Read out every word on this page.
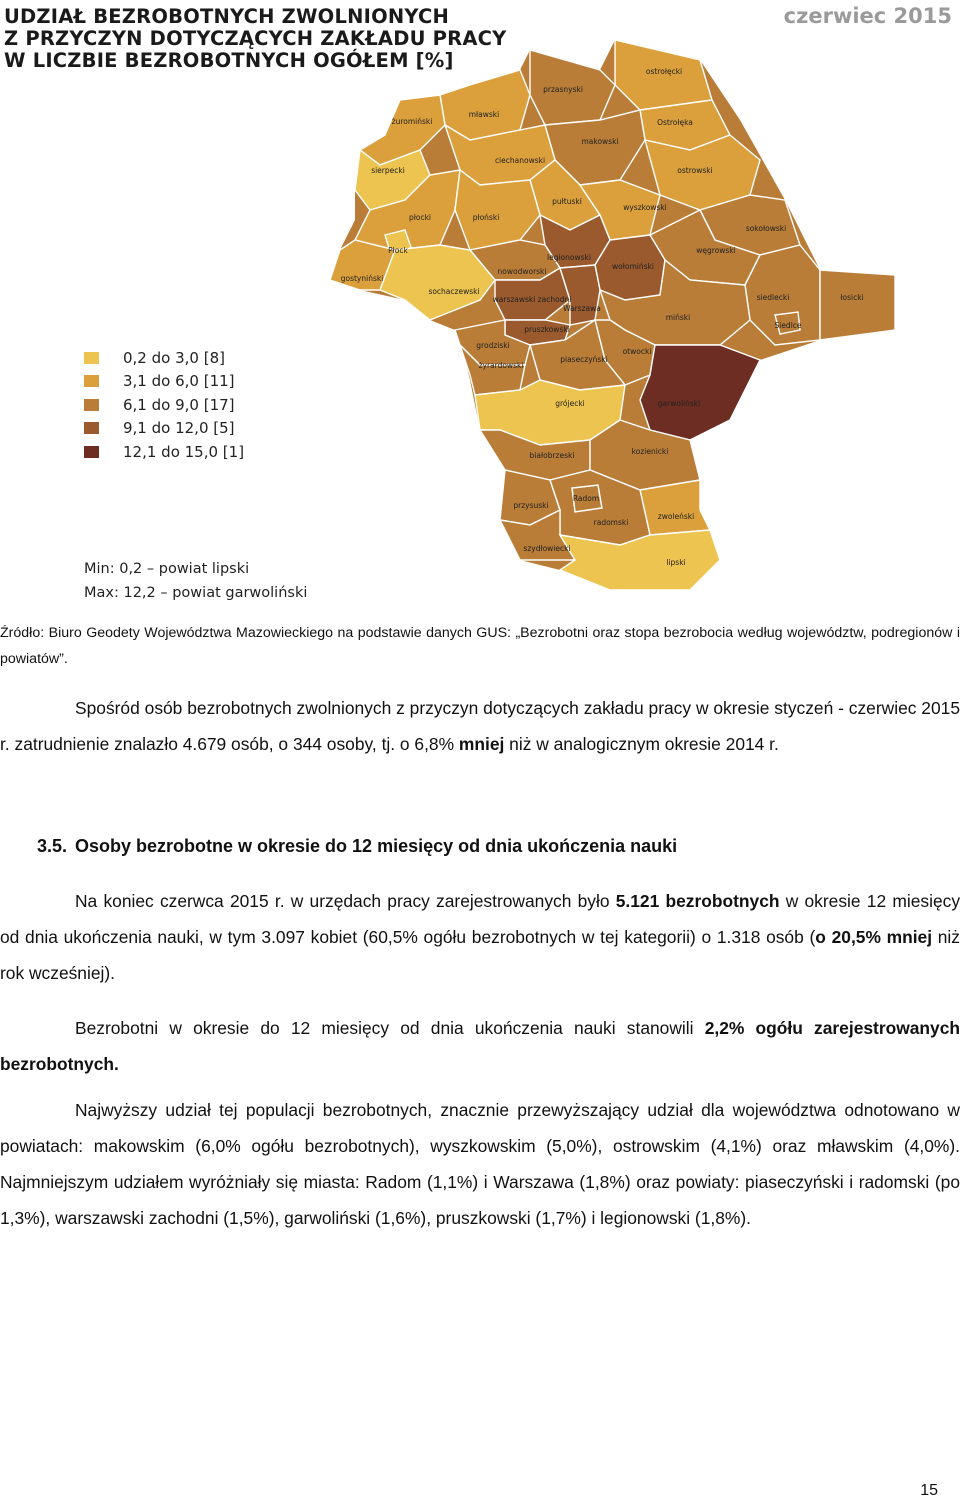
ostrołęcki
Ostrołęka
przasnyski
mławski
żuromiński
makowski
ciechanowski
ostrowski
sierpecki
pułtuski
wyszkowski
płocki	płoński
sokołowski
Płock
legionowski
węgrowski
gostyniński
nowodworski
wołomiński
sochaczewski
warszawski zachodni	siedlecki	łosicki
Warszawa
miński
Siedlce
pruszkowski
grodziski
otwocki
żyrardowski
piaseczyński
grójecki	garwoliński
białobrzeski	kozienicki
przysuski
Radom
zwoleński
radomski
szydłowiecki
lipski
UDZIAŁ BEZROBOTNYCH ZWOLNIONYCH
Z PRZYCZYN DOTYCZĄCYCH ZAKŁADU PRACY
W LICZBIE BEZROBOTNYCH OGÓŁEM [%]
czerwiec 2015
0,2 do 3,0 [8]
3,1 do 6,0 [11]
6,1 do 9,0 [17]
9,1 do 12,0 [5]
12,1 do 15,0 [1]
Min: 0,2 – powiat lipski
Max: 12,2 – powiat garwoliński
Źródło: Biuro Geodety Województwa Mazowieckiego na podstawie danych GUS: „Bezrobotni oraz stopa bezrobocia według województw, podregionów i powiatów”.

Spośród osób bezrobotnych zwolnionych z przyczyn dotyczących zakładu pracy w okresie styczeń - czerwiec 2015 r. zatrudnienie znalazło 4.679 osób, o 344 osoby, tj. o 6,8% mniej niż w analogicznym okresie 2014 r.

3.5. Osoby bezrobotne w okresie do 12 miesięcy od dnia ukończenia nauki

Na koniec czerwca 2015 r. w urzędach pracy zarejestrowanych było 5.121 bezrobotnych w okresie 12 miesięcy od dnia ukończenia nauki, w tym 3.097 kobiet (60,5% ogółu bezrobotnych w tej kategorii) o 1.318 osób (o 20,5% mniej niż rok wcześniej).

Bezrobotni w okresie do 12 miesięcy od dnia ukończenia nauki stanowili 2,2% ogółu zarejestrowanych bezrobotnych.

Najwyższy udział tej populacji bezrobotnych, znacznie przewyższający udział dla województwa odnotowano w powiatach: makowskim (6,0% ogółu bezrobotnych), wyszkowskim (5,0%), ostrowskim (4,1%) oraz mławskim (4,0%). Najmniejszym udziałem wyróżniały się miasta: Radom (1,1%) i Warszawa (1,8%) oraz powiaty: piaseczyński i radomski (po 1,3%), warszawski zachodni (1,5%), garwoliński (1,6%), pruszkowski (1,7%) i legionowski (1,8%).

15
